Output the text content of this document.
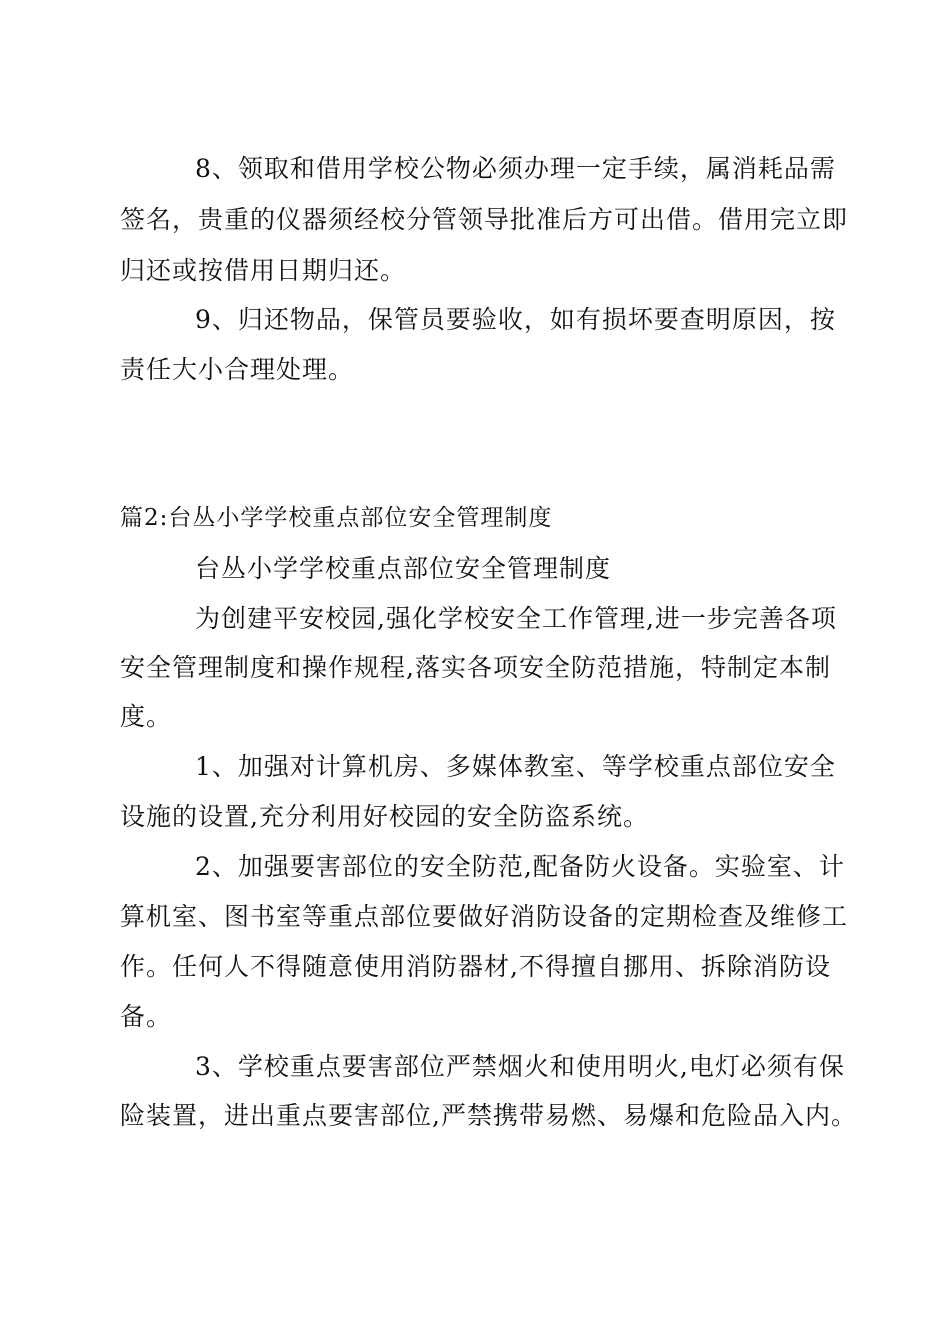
8、领取和借用学校公物必须办理一定手续，属消耗品需
签名，贵重的仪器须经校分管领导批准后方可出借。借用完立即
归还或按借用日期归还。
9、归还物品，保管员要验收，如有损坏要查明原因，按
责任大小合理处理。
篇2:台丛小学学校重点部位安全管理制度
台丛小学学校重点部位安全管理制度
为创建平安校园,强化学校安全工作管理,进一步完善各项
安全管理制度和操作规程,落实各项安全防范措施，特制定本制
度。
1、加强对计算机房、多媒体教室、等学校重点部位安全
设施的设置,充分利用好校园的安全防盗系统。
2、加强要害部位的安全防范,配备防火设备。实验室、计
算机室、图书室等重点部位要做好消防设备的定期检查及维修工
作。任何人不得随意使用消防器材,不得擅自挪用、拆除消防设
备。
3、学校重点要害部位严禁烟火和使用明火,电灯必须有保
险装置，进出重点要害部位,严禁携带易燃、易爆和危险品入内。
